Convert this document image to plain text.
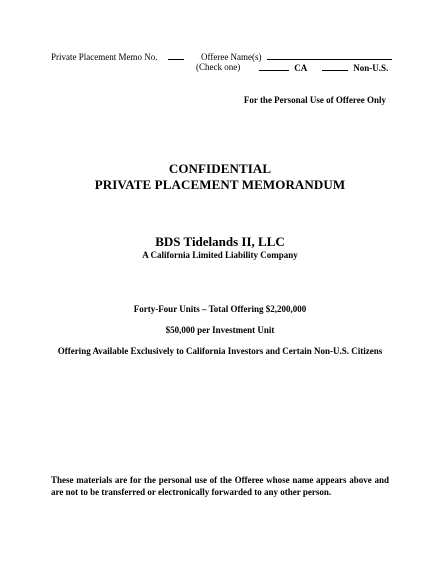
Private Placement Memo No.	Offeree Name(s)
(Check one)	CA	Non-U.S.
For the Personal Use of Offeree Only
CONFIDENTIAL
PRIVATE PLACEMENT MEMORANDUM
BDS Tidelands II, LLC
A California Limited Liability Company
Forty-Four Units – Total Offering $2,200,000
$50,000 per Investment Unit
Offering Available Exclusively to California Investors and Certain Non-U.S. Citizens
These materials are for the personal use of the Offeree whose name appears above and are not to be transferred or electronically forwarded to any other person.
